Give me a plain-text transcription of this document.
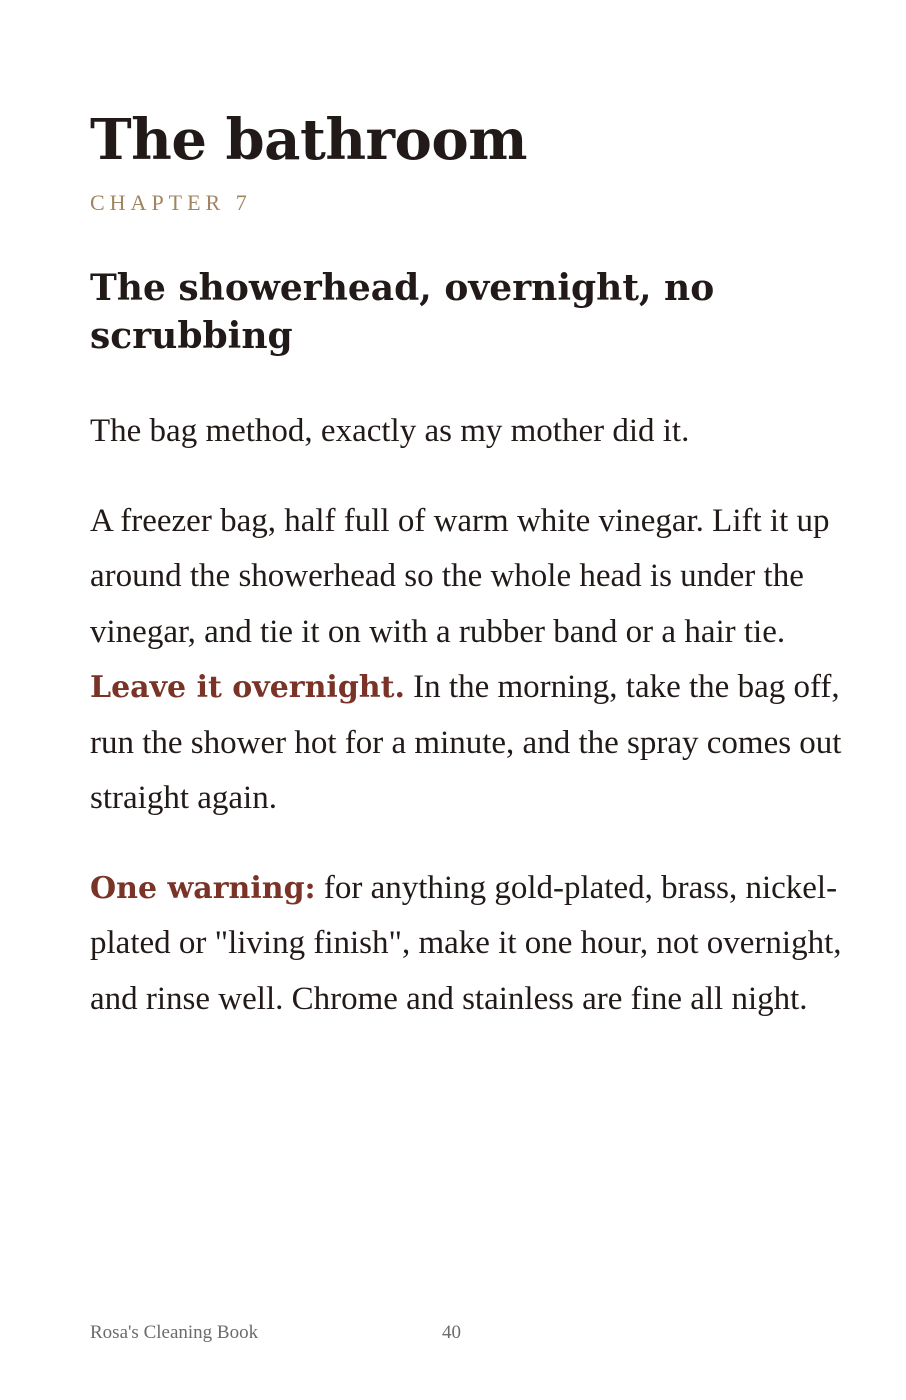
The bathroom
CHAPTER 7
The showerhead, overnight, no scrubbing

The bag method, exactly as my mother did it.

A freezer bag, half full of warm white vinegar. Lift it up around the showerhead so the whole head is under the vinegar, and tie it on with a rubber band or a hair tie. Leave it overnight. In the morning, take the bag off, run the shower hot for a minute, and the spray comes out straight again.

One warning: for anything gold-plated, brass, nickel-plated or "living finish", make it one hour, not overnight, and rinse well. Chrome and stainless are fine all night.

Rosa's Cleaning Book	40
